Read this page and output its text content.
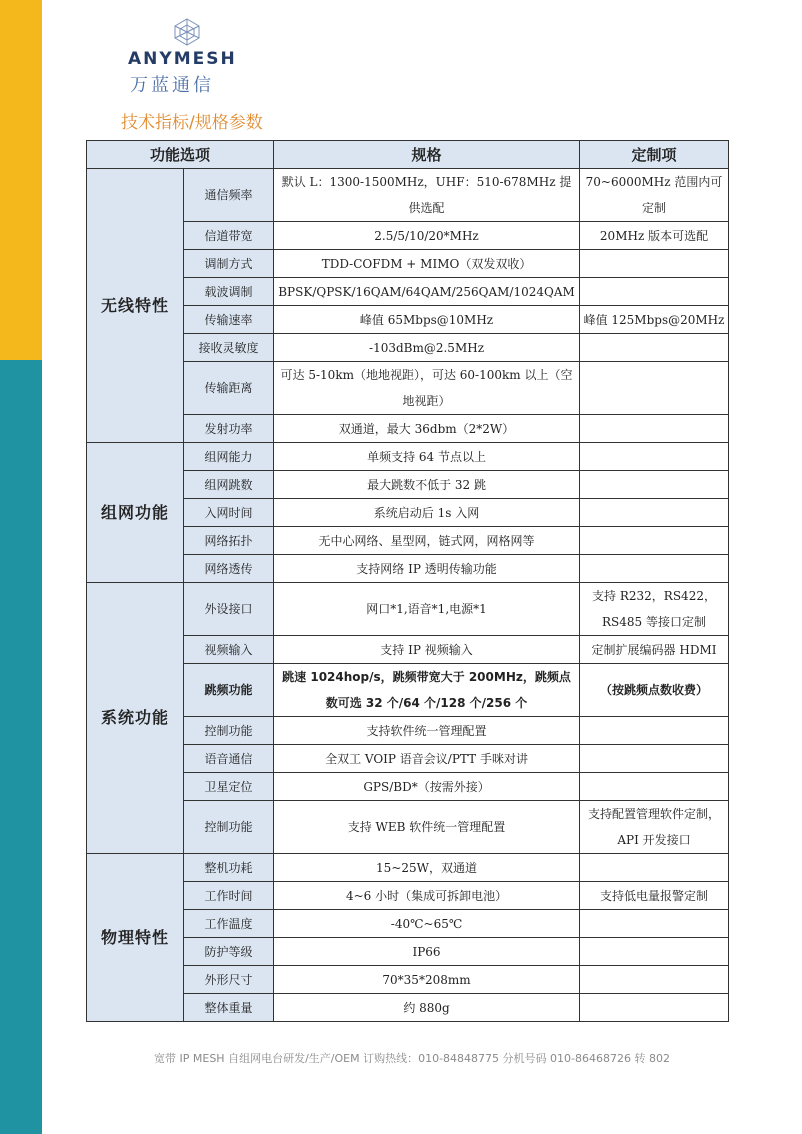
ANYMESH
万蓝通信
技术指标/规格参数
功能选项		规格	定制项
无线特性	通信频率	默认 L：1300-1500MHz，UHF：510-678MHz 提供选配	70~6000MHz 范围内可定制
	信道带宽	2.5/5/10/20*MHz	20MHz 版本可选配
	调制方式	TDD-COFDM + MIMO（双发双收）	
	载波调制	BPSK/QPSK/16QAM/64QAM/256QAM/1024QAM	
	传输速率	峰值 65Mbps@10MHz	峰值 125Mbps@20MHz
	接收灵敏度	-103dBm@2.5MHz	
	传输距离	可达 5-10km（地地视距），可达 60-100km 以上（空地视距）	
	发射功率	双通道，最大 36dbm（2*2W）	
组网功能	组网能力	单频支持 64 节点以上	
	组网跳数	最大跳数不低于 32 跳	
	入网时间	系统启动后 1s 入网	
	网络拓扑	无中心网络、星型网，链式网，网格网等	
	网络透传	支持网络 IP 透明传输功能	
系统功能	外设接口	网口*1,语音*1,电源*1	支持 R232，RS422，RS485 等接口定制
	视频输入	支持 IP 视频输入	定制扩展编码器 HDMI
	跳频功能	跳速 1024hop/s，跳频带宽大于 200MHz，跳频点数可选 32 个/64 个/128 个/256 个	（按跳频点数收费）
	控制功能	支持软件统一管理配置	
	语音通信	全双工 VOIP 语音会议/PTT 手咪对讲	
	卫星定位	GPS/BD*（按需外接）	
	控制功能	支持 WEB 软件统一管理配置	支持配置管理软件定制，API 开发接口
物理特性	整机功耗	15~25W，双通道	
	工作时间	4~6 小时（集成可拆卸电池）	支持低电量报警定制
	工作温度	-40℃~65℃	
	防护等级	IP66	
	外形尺寸	70*35*208mm	
	整体重量	约 880g	
宽带 IP MESH 自组网电台研发/生产/OEM 订购热线：010-84848775 分机号码 010-86468726 转 802
